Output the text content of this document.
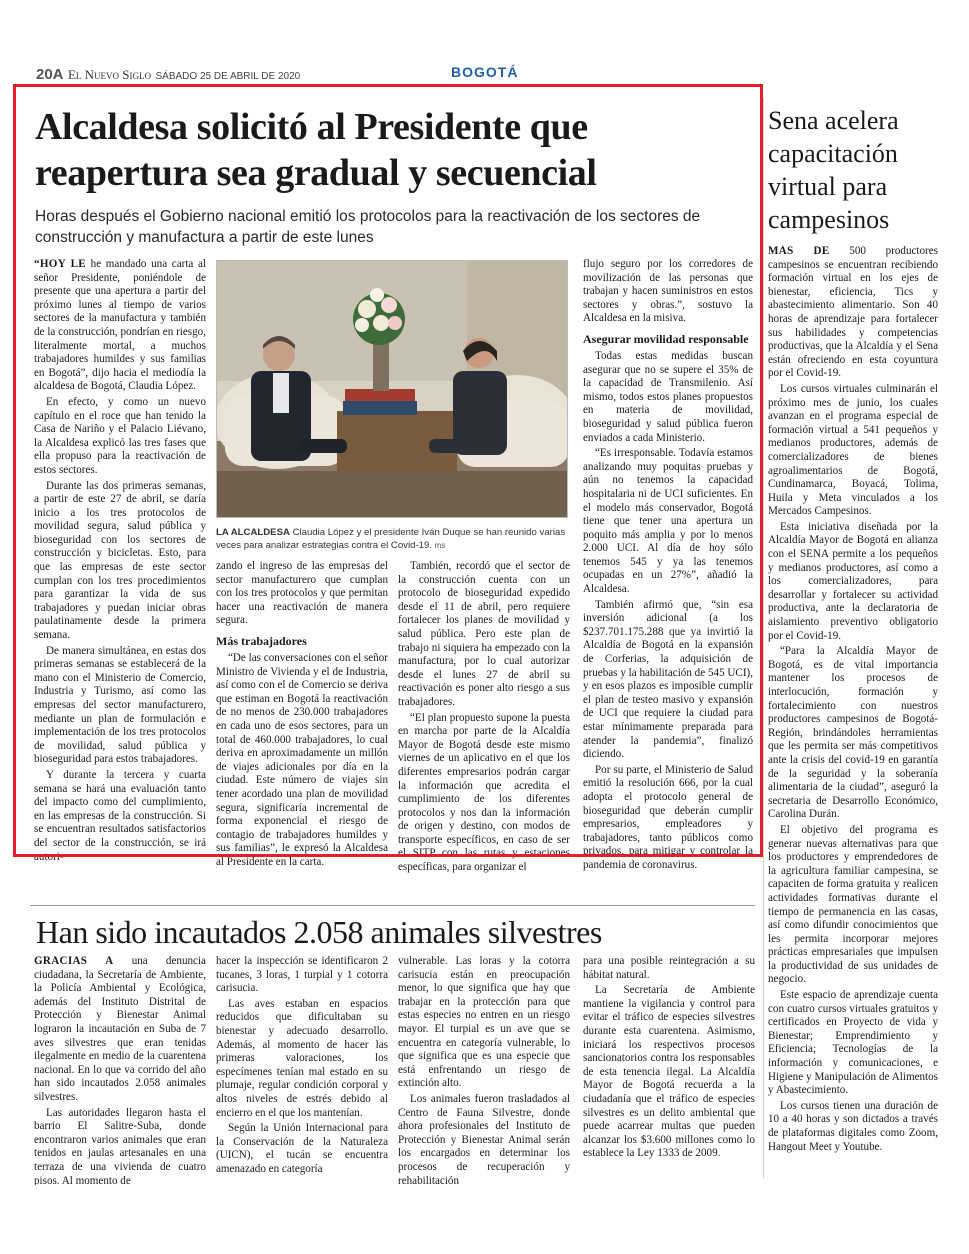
20A El Nuevo Siglo SÁBADO 25 DE ABRIL DE 2020	BOGOTÁ
Alcaldesa solicitó al Presidente que reapertura sea gradual y secuencial
Horas después el Gobierno nacional emitió los protocolos para la reactivación de los sectores de construcción y manufactura a partir de este lunes

“HOY LE he mandado una carta al señor Presidente, poniéndole de presente que una apertura a partir del próximo lunes al tiempo de varios sectores de la manufactura y también de la construcción, pondrían en riesgo, literalmente mortal, a muchos trabajadores humildes y sus familias en Bogotá”, dijo hacia el mediodía la alcaldesa de Bogotá, Claudia López.

En efecto, y como un nuevo capítulo en el roce que han tenido la Casa de Nariño y el Palacio Liévano, la Alcaldesa explicó las tres fases que ella propuso para la reactivación de estos sectores.

Durante las dos primeras semanas, a partir de este 27 de abril, se daría inicio a los tres protocolos de movilidad segura, salud pública y bioseguridad con los sectores de construcción y bicicletas. Esto, para que las empresas de este sector cumplan con los tres procedimientos para garantizar la vida de sus trabajadores y puedan iniciar obras paulatinamente desde la primera semana.

De manera simultánea, en estas dos primeras semanas se establecerá de la mano con el Ministerio de Comercio, Industria y Turismo, así como las empresas del sector manufacturero, mediante un plan de formulación e implementación de los tres protocolos de movilidad, salud pública y bioseguridad para estos trabajadores.

Y durante la tercera y cuarta semana se hará una evaluación tanto del impacto como del cumplimiento, en las empresas de la construcción. Si se encuentran resultados satisfactorios del sector de la construcción, se irá autori-

LA ALCALDESA Claudia López y el presidente Iván Duque se han reunido varias veces para analizar estrategias contra el Covid-19. ms

zando el ingreso de las empresas del sector manufacturero que cumplan con los tres protocolos y que permitan hacer una reactivación de manera segura.

Más trabajadores

“De las conversaciones con el señor Ministro de Vivienda y el de Industria, así como con el de Comercio se deriva que estiman en Bogotá la reactivación de no menos de 230.000 trabajadores en cada uno de esos sectores, para un total de 460.000 trabajadores, lo cual deriva en aproximadamente un millón de viajes adicionales por día en la ciudad. Este número de viajes sin tener acordado una plan de movilidad segura, significaría incremental de forma exponencial el riesgo de contagio de trabajadores humildes y sus familias”, le expresó la Alcaldesa al Presidente en la carta.

También, recordó que el sector de la construcción cuenta con un protocolo de bioseguridad expedido desde el 11 de abril, pero requiere fortalecer los planes de movilidad y salud pública. Pero este plan de trabajo ni siquiera ha empezado con la manufactura, por lo cual autorizar desde el lunes 27 de abril su reactivación es poner alto riesgo a sus trabajadores.

“El plan propuesto supone la puesta en marcha por parte de la Alcaldía Mayor de Bogotá desde este mismo viernes de un aplicativo en el que los diferentes empresarios podrán cargar la información que acredita el cumplimiento de los diferentes protocolos y nos dan la información de origen y destino, con modos de transporte específicos, en caso de ser el SITP con las rutas y estaciones específicas, para organizar el

flujo seguro por los corredores de movilización de las personas que trabajan y hacen suministros en estos sectores y obras.”, sostuvo la Alcaldesa en la misiva.

Asegurar movilidad responsable

Todas estas medidas buscan asegurar que no se supere el 35% de la capacidad de Transmilenio. Así mismo, todos estos planes propuestos en materia de movilidad, bioseguridad y salud pública fueron enviados a cada Ministerio.

“Es irresponsable. Todavía estamos analizando muy poquitas pruebas y aún no tenemos la capacidad hospitalaria ni de UCI suficientes. En el modelo más conservador, Bogotá tiene que tener una apertura un poquito más amplia y por lo menos 2.000 UCI. Al día de hoy sólo tenemos 545 y ya las tenemos ocupadas en un 27%”, añadió la Alcaldesa.

También afirmó que, “sin esa inversión adicional (a los $237.701.175.288 que ya invirtió la Alcaldía de Bogotá en la expansión de Corferias, la adquisición de pruebas y la habilitación de 545 UCI), y en esos plazos es imposible cumplir el plan de testeo masivo y expansión de UCI que requiere la ciudad para estar mínimamente preparada para atender la pandemia”, finalizó diciendo.

Por su parte, el Ministerio de Salud emitió la resolución 666, por la cual adopta el protocolo general de bioseguridad que deberán cumplir empresarios, empleadores y trabajadores, tanto públicos como privados, para mitigar y controlar la pandemia de coronavirus.

Han sido incautados 2.058 animales silvestres

GRACIAS A una denuncia ciudadana, la Secretaría de Ambiente, la Policía Ambiental y Ecológica, además del Instituto Distrital de Protección y Bienestar Animal lograron la incautación en Suba de 7 aves silvestres que eran tenidas ilegalmente en medio de la cuarentena nacional. En lo que va corrido del año han sido incautados 2.058 animales silvestres.

Las autoridades llegaron hasta el barrio El Salitre-Suba, donde encontraron varios animales que eran tenidos en jaulas artesanales en una terraza de una vivienda de cuatro pisos. Al momento de

hacer la inspección se identificaron 2 tucanes, 3 loras, 1 turpial y 1 cotorra carisucia.

Las aves estaban en espacios reducidos que dificultaban su bienestar y adecuado desarrollo. Además, al momento de hacer las primeras valoraciones, los especímenes tenían mal estado en su plumaje, regular condición corporal y altos niveles de estrés debido al encierro en el que los mantenían.

Según la Unión Internacional para la Conservación de la Naturaleza (UICN), el tucán se encuentra amenazado en categoría

vulnerable. Las loras y la cotorra carisucia están en preocupación menor, lo que significa que hay que trabajar en la protección para que estas especies no entren en un riesgo mayor. El turpial es un ave que se encuentra en categoría vulnerable, lo que significa que es una especie que está enfrentando un riesgo de extinción alto.

Los animales fueron trasladados al Centro de Fauna Silvestre, donde ahora profesionales del Instituto de Protección y Bienestar Animal serán los encargados en determinar los procesos de recuperación y rehabilitación

para una posible reintegración a su hábitat natural.

La Secretaría de Ambiente mantiene la vigilancia y control para evitar el tráfico de especies silvestres durante esta cuarentena. Asimismo, iniciará los respectivos procesos sancionatorios contra los responsables de esta tenencia ilegal. La Alcaldía Mayor de Bogotá recuerda a la ciudadanía que el tráfico de especies silvestres es un delito ambiental que puede acarrear multas que pueden alcanzar los $3.600 millones como lo establece la Ley 1333 de 2009.

Sena acelera capacitación virtual para campesinos

MÁS DE 500 productores campesinos se encuentran recibiendo formación virtual en los ejes de bienestar, eficiencia, Tics y abastecimiento alimentario. Son 40 horas de aprendizaje para fortalecer sus habilidades y competencias productivas, que la Alcaldía y el Sena están ofreciendo en esta coyuntura por el Covid-19.

Los cursos virtuales culminarán el próximo mes de junio, los cuales avanzan en el programa especial de formación virtual a 541 pequeños y medianos productores, además de comercializadores de bienes agroalimentarios de Bogotá, Cundinamarca, Boyacá, Tolima, Huila y Meta vinculados a los Mercados Campesinos.

Esta iniciativa diseñada por la Alcaldía Mayor de Bogotá en alianza con el SENA permite a los pequeños y medianos productores, así como a los comercializadores, para desarrollar y fortalecer su actividad productiva, ante la declaratoria de aislamiento preventivo obligatorio por el Covid-19.

“Para la Alcaldía Mayor de Bogotá, es de vital importancia mantener los procesos de interlocución, formación y fortalecimiento con nuestros productores campesinos de Bogotá-Región, brindándoles herramientas que les permita ser más competitivos ante la crisis del covid-19 en garantía de la seguridad y la soberanía alimentaria de la ciudad”, aseguró la secretaria de Desarrollo Económico, Carolina Durán.

El objetivo del programa es generar nuevas alternativas para que los productores y emprendedores de la agricultura familiar campesina, se capaciten de forma gratuita y realicen actividades formativas durante el tiempo de permanencia en las casas, así como difundir conocimientos que les permita incorporar mejores prácticas empresariales que impulsen la productividad de sus unidades de negocio.

Este espacio de aprendizaje cuenta con cuatro cursos virtuales gratuitos y certificados en Proyecto de vida y Bienestar; Emprendimiento y Eficiencia; Tecnologías de la información y comunicaciones, e Higiene y Manipulación de Alimentos y Abastecimiento.

Los cursos tienen una duración de 10 a 40 horas y son dictados a través de plataformas digitales como Zoom, Hangout Meet y Youtube.
